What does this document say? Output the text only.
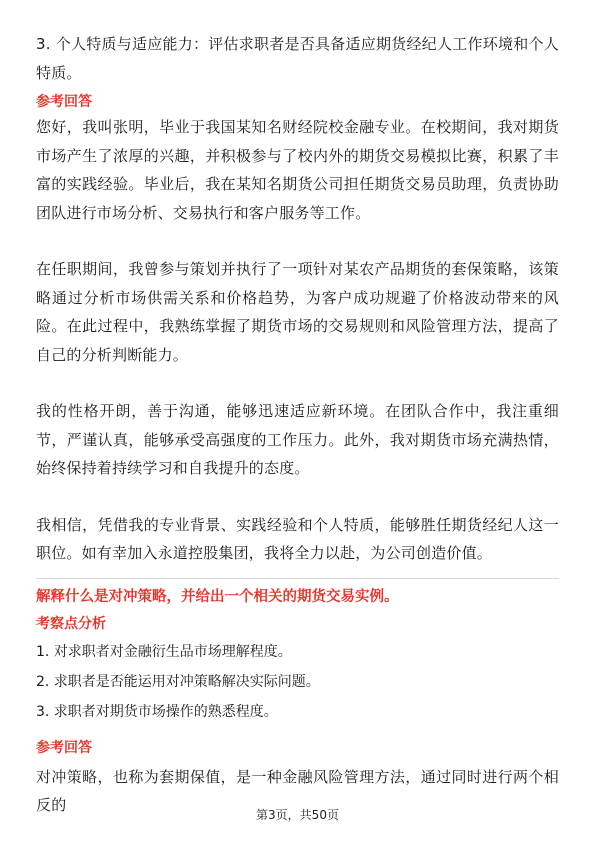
3. 个人特质与适应能力：评估求职者是否具备适应期货经纪人工作环境和个人特质。

参考回答

您好，我叫张明，毕业于我国某知名财经院校金融专业。在校期间，我对期货市场产生了浓厚的兴趣，并积极参与了校内外的期货交易模拟比赛，积累了丰富的实践经验。毕业后，我在某知名期货公司担任期货交易员助理，负责协助团队进行市场分析、交易执行和客户服务等工作。

在任职期间，我曾参与策划并执行了一项针对某农产品期货的套保策略，该策略通过分析市场供需关系和价格趋势，为客户成功规避了价格波动带来的风险。在此过程中，我熟练掌握了期货市场的交易规则和风险管理方法，提高了自己的分析判断能力。

我的性格开朗，善于沟通，能够迅速适应新环境。在团队合作中，我注重细节，严谨认真，能够承受高强度的工作压力。此外，我对期货市场充满热情，始终保持着持续学习和自我提升的态度。

我相信，凭借我的专业背景、实践经验和个人特质，能够胜任期货经纪人这一职位。如有幸加入永道控股集团，我将全力以赴，为公司创造价值。

解释什么是对冲策略，并给出一个相关的期货交易实例。

考察点分析

1. 对求职者对金融衍生品市场理解程度。

2. 求职者是否能运用对冲策略解决实际问题。

3. 求职者对期货市场操作的熟悉程度。

参考回答

对冲策略，也称为套期保值，是一种金融风险管理方法，通过同时进行两个相反的

第3页，共50页
